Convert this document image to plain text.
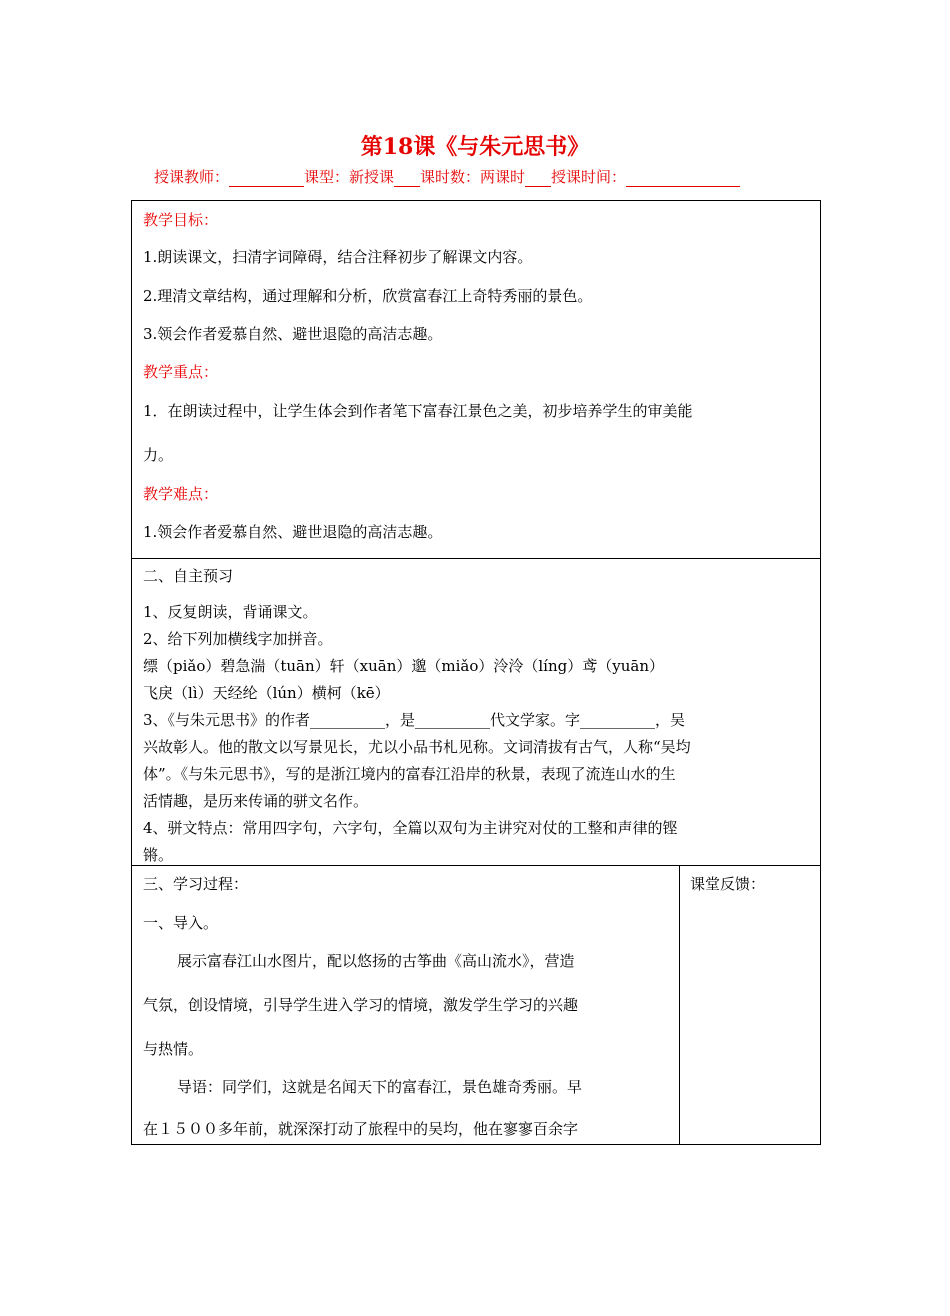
第18课《与朱元思书》
授课教师：	课型：新授课 课时数：两课时 授课时间：
教学目标：
1.朗读课文，扫清字词障碍，结合注释初步了解课文内容。
2.理清文章结构，通过理解和分析，欣赏富春江上奇特秀丽的景色。
3.领会作者爱慕自然、避世退隐的高洁志趣。
教学重点：
1．在朗读过程中，让学生体会到作者笔下富春江景色之美，初步培养学生的审美能
力。
教学难点：
1.领会作者爱慕自然、避世退隐的高洁志趣。
二、自主预习
1、反复朗读，背诵课文。
2、给下列加横线字加拼音。
缥（piǎo）碧急湍（tuān）轩（xuān）邈（miǎo）泠泠（líng）鸢（yuān）
飞戾（lì）天经纶（lún）横柯（kē）
3、《与朱元思书》的作者__________，是__________代文学家。字__________，吴
兴故彰人。他的散文以写景见长，尤以小品书札见称。文词清拔有古气，人称“吴均
体”。《与朱元思书》，写的是浙江境内的富春江沿岸的秋景，表现了流连山水的生
活情趣，是历来传诵的骈文名作。
4、骈文特点：常用四字句，六字句，全篇以双句为主讲究对仗的工整和声律的铿
锵。
三、学习过程：
一、导入。
展示富春江山水图片，配以悠扬的古筝曲《高山流水》，营造
气氛，创设情境，引导学生进入学习的情境，激发学生学习的兴趣
与热情。
导语：同学们，这就是名闻天下的富春江，景色雄奇秀丽。早
在１５００多年前，就深深打动了旅程中的吴均，他在寥寥百余字
课堂反馈：
